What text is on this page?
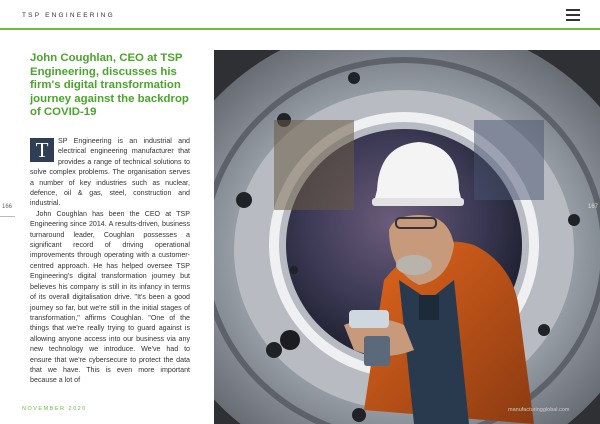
TSP ENGINEERING
John Coughlan, CEO at TSP Engineering, discusses his firm's digital transformation journey against the backdrop of COVID-19
T	SP Engineering is an industrial and electrical engineering manufacturer that provides a range of technical solutions to solve complex problems. The organisation serves a number of key industries such as nuclear, defence, oil & gas, steel, construction and industrial.

John Coughlan has been the CEO at TSP Engineering since 2014. A results-driven, business turnaround leader, Coughlan possesses a significant record of driving operational improvements through operating with a customer-centred approach. He has helped oversee TSP Engineering's digital transformation journey but believes his company is still in its infancy in terms of its overall digitalisation drive. "It's been a good journey so far, but we're still in the initial stages of transformation," affirms Coughlan. "One of the things that we're really trying to guard against is allowing anyone access into our business via any new technology we introduce. We've had to ensure that we're cybersecure to protect the data that we have. This is even more important because a lot of

166
NOVEMBER 2020
167
manufacturingglobal.com
